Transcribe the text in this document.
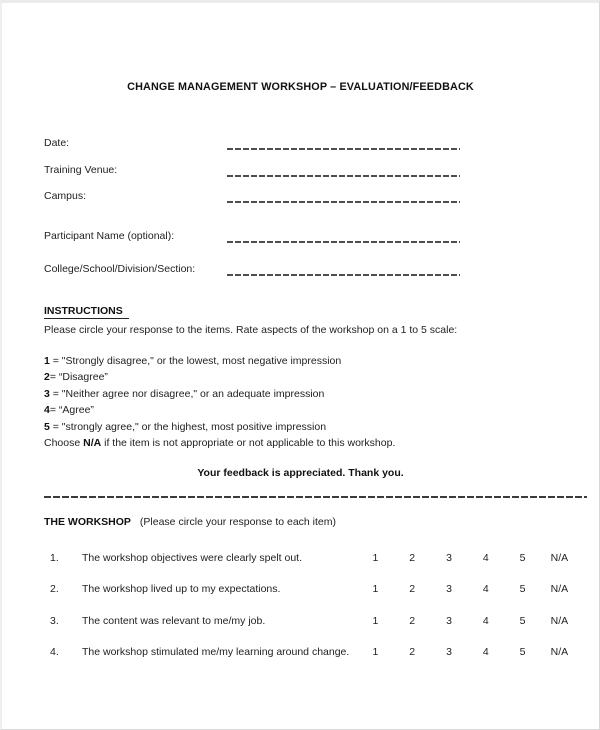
CHANGE MANAGEMENT WORKSHOP – EVALUATION/FEEDBACK
Date:
Training Venue:
Campus:
Participant Name (optional):
College/School/Division/Section:
INSTRUCTIONS
Please circle your response to the items. Rate aspects of the workshop on a 1 to 5 scale:
1 = "Strongly disagree," or the lowest, most negative impression
2= “Disagree”
3 = "Neither agree nor disagree," or an adequate impression
4= “Agree”
5 = "strongly agree," or the highest, most positive impression
Choose N/A if the item is not appropriate or not applicable to this workshop.
Your feedback is appreciated. Thank you.
THE WORKSHOP (Please circle your response to each item)
1. The workshop objectives were clearly spelt out.	1	2	3	4	5	N/A
2. The workshop lived up to my expectations.	1	2	3	4	5	N/A
3. The content was relevant to me/my job.	1	2	3	4	5	N/A
4. The workshop stimulated me/my learning around change.	1	2	3	4	5	N/A
